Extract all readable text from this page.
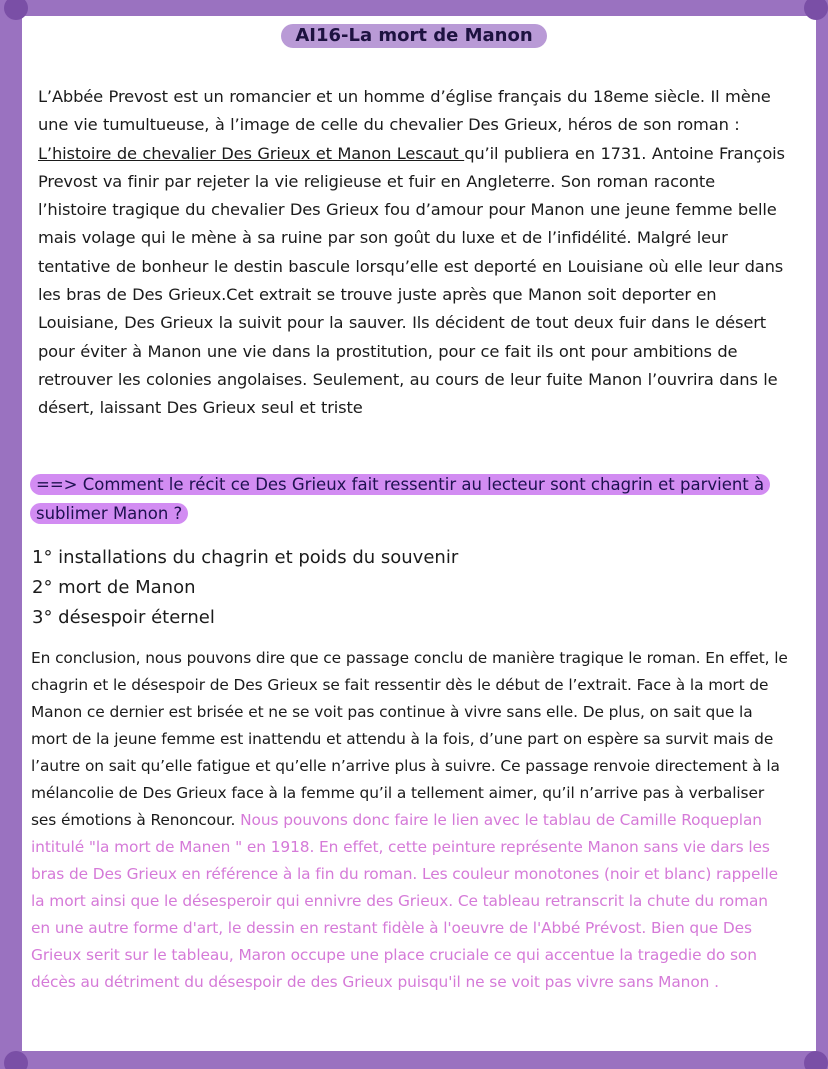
AI16-La mort de Manon
L’Abbée Prevost est un romancier et un homme d’église français du 18eme siècle. Il mène une vie tumultueuse, à l’image de celle du chevalier Des Grieux, héros de son roman : L’histoire de chevalier Des Grieux et Manon Lescaut qu’il publiera en 1731. Antoine François Prevost va finir par rejeter la vie religieuse et fuir en Angleterre. Son roman raconte l’histoire tragique du chevalier Des Grieux fou d’amour pour Manon une jeune femme belle mais volage qui le mène à sa ruine par son goût du luxe et de l’infidélité. Malgré leur tentative de bonheur le destin bascule lorsqu’elle est deporté en Louisiane où elle leur dans les bras de Des Grieux.Cet extrait se trouve juste après que Manon soit deporter en Louisiane, Des Grieux la suivit pour la sauver. Ils décident de tout deux fuir dans le désert pour éviter à Manon une vie dans la prostitution, pour ce fait ils ont pour ambitions de retrouver les colonies angolaises. Seulement, au cours de leur fuite Manon l’ouvrira dans le désert, laissant Des Grieux seul et triste
==> Comment le récit ce Des Grieux fait ressentir au lecteur sont chagrin et parvient à sublimer Manon ?
1° installations du chagrin et poids du souvenir
2° mort de Manon
3° désespoir éternel
En conclusion, nous pouvons dire que ce passage conclu de manière tragique le roman. En effet, le chagrin et le désespoir de Des Grieux se fait ressentir dès le début de l’extrait. Face à la mort de Manon ce dernier est brisée et ne se voit pas continue à vivre sans elle. De plus, on sait que la mort de la jeune femme est inattendu et attendu à la fois, d’une part on espère sa survit mais de l’autre on sait qu’elle fatigue et qu’elle n’arrive plus à suivre. Ce passage renvoie directement à la mélancolie de Des Grieux face à la femme qu’il a tellement aimer, qu’il n’arrive pas à verbaliser ses émotions à Renoncour. Nous pouvons donc faire le lien avec le tablau de Camille Roqueplan intitulé "la mort de Manen " en 1918. En effet, cette peinture représente Manon sans vie dars les bras de Des Grieux en référence à la fin du roman. Les couleur monotones (noir et blanc) rappelle la mort ainsi que le désesperoir qui ennivre des Grieux. Ce tableau retranscrit la chute du roman en une autre forme d'art, le dessin en restant fidèle à l'oeuvre de l'Abbé Prévost. Bien que Des Grieux serit sur le tableau, Maron occupe une place cruciale ce qui accentue la tragedie do son décès au détriment du désespoir de des Grieux puisqu'il ne se voit pas vivre sans Manon .
